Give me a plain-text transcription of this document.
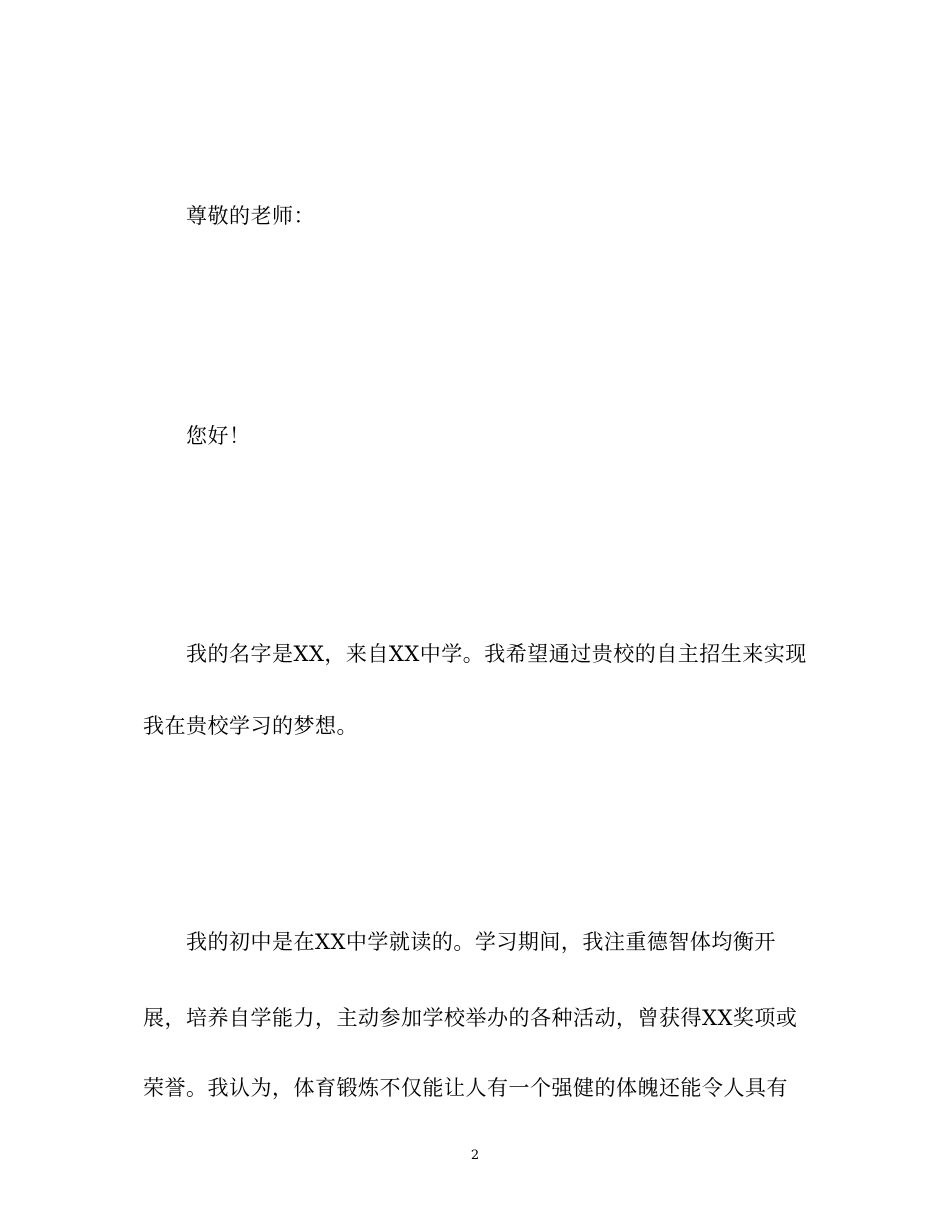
尊敬的老师：
您好！
我的名字是XX，来自XX中学。我希望通过贵校的自主招生来实现
我在贵校学习的梦想。
我的初中是在XX中学就读的。学习期间，我注重德智体均衡开
展，培养自学能力，主动参加学校举办的各种活动，曾获得XX奖项或
荣誉。我认为，体育锻炼不仅能让人有一个强健的体魄还能令人具有
2
